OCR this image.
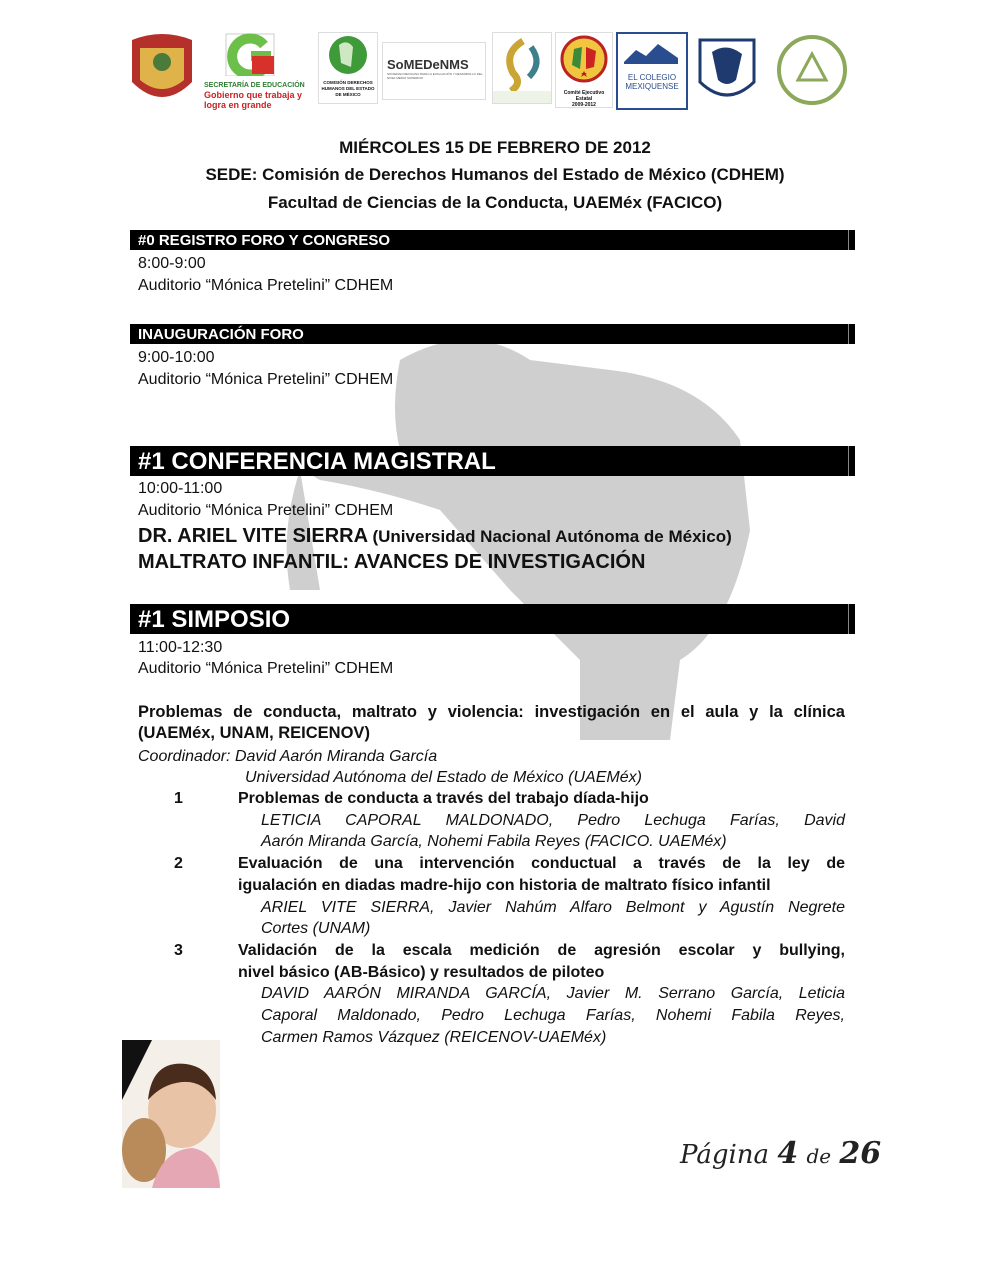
SECRETARÍA DE EDUCACIÓN
Gobierno que trabaja y logra en grande
COMISIÓN DERECHOS HUMANOS DEL ESTADO DE MÉXICO
SoMEDeNMS
SOCIEDAD MEXICANA PARA LA EVALUACIÓN Y DESARROLLO DEL NIVEL MEDIO SUPERIOR
Comité Ejecutivo Estatal
2009-2012
EL COLEGIO MEXIQUENSE
MIÉRCOLES 15 DE FEBRERO DE 2012
SEDE: Comisión de Derechos Humanos del Estado de México (CDHEM)
Facultad de Ciencias de la Conducta, UAEMéx (FACICO)
#0 REGISTRO FORO Y CONGRESO
8:00-9:00
Auditorio “Mónica Pretelini” CDHEM
INAUGURACIÓN FORO
9:00-10:00
Auditorio “Mónica Pretelini” CDHEM
#1 CONFERENCIA MAGISTRAL
10:00-11:00
Auditorio “Mónica Pretelini” CDHEM
DR. ARIEL VITE SIERRA (Universidad Nacional Autónoma de México)
MALTRATO INFANTIL: AVANCES DE INVESTIGACIÓN
#1 SIMPOSIO
11:00-12:30
Auditorio “Mónica Pretelini” CDHEM
Problemas de conducta, maltrato y violencia: investigación en el aula y la clínica
(UAEMéx, UNAM, REICENOV)
Coordinador: David Aarón Miranda García
Universidad Autónoma del Estado de México (UAEMéx)
1	Problemas de conducta a través del trabajo díada-hijo
LETICIA CAPORAL MALDONADO, Pedro Lechuga Farías, David
Aarón Miranda García, Nohemi Fabila Reyes (FACICO. UAEMéx)
2	Evaluación de una intervención conductual a través de la ley de
igualación en diadas madre-hijo con historia de maltrato físico infantil
ARIEL VITE SIERRA, Javier Nahúm Alfaro Belmont y Agustín Negrete
Cortes (UNAM)
3	Validación de la escala medición de agresión escolar y bullying,
nivel básico (AB-Básico) y resultados de piloteo
DAVID AARÓN MIRANDA GARCÍA, Javier M. Serrano García, Leticia
Caporal Maldonado, Pedro Lechuga Farías, Nohemi Fabila Reyes,
Carmen Ramos Vázquez (REICENOV-UAEMéx)
Página 4 de 26
